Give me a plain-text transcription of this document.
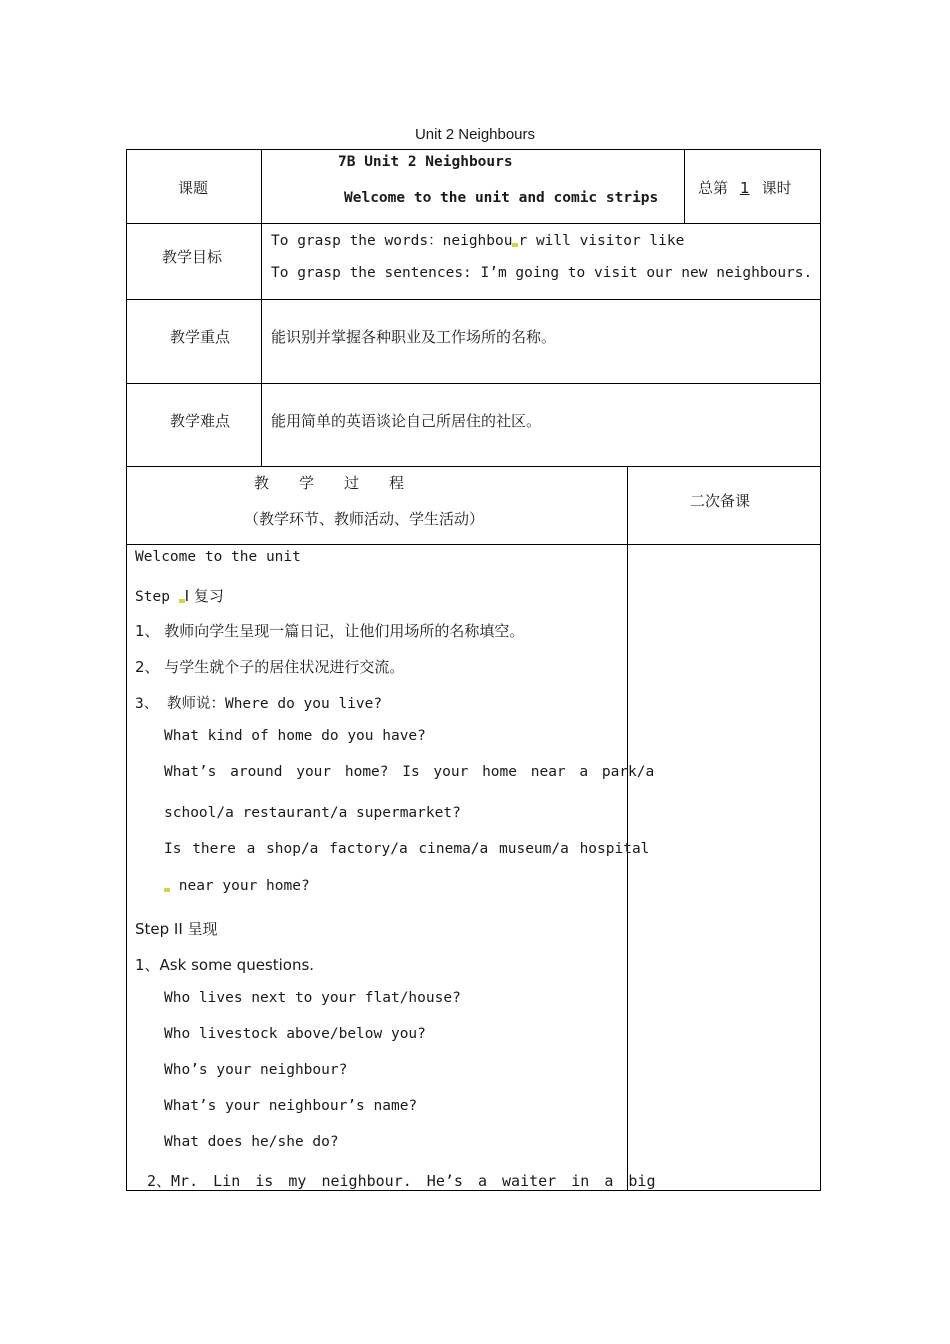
Unit 2 Neighbours
课题
7B Unit 2 Neighbours
Welcome to the unit and comic strips
总第 1 课时
教学目标
To grasp the words：neighbou r will visitor like
To grasp the sentences: I’m going to visit our new neighbours.
教学重点	能识别并掌握各种职业及工作场所的名称。
教学难点	能用简单的英语谈论自己所居住的社区。
教　　学　　过　　程
（教学环节、教师活动、学生活动）
二次备课
Welcome to the unit
Step I 复习
1、 教师向学生呈现一篇日记，让他们用场所的名称填空。
2、 与学生就个子的居住状况进行交流。
3、 教师说：Where do you live?
What kind of home do you have?
What’s around your home? Is your home near a park/a
school/a restaurant/a supermarket?
Is there a shop/a factory/a cinema/a museum/a hospital
near your home?
Step II 呈现
1、Ask some questions.
Who lives next to your flat/house?
Who livestock above/below you?
Who’s your neighbour?
What’s your neighbour’s name?
What does he/she do?
2、Mr. Lin is my neighbour. He’s a waiter in a big
